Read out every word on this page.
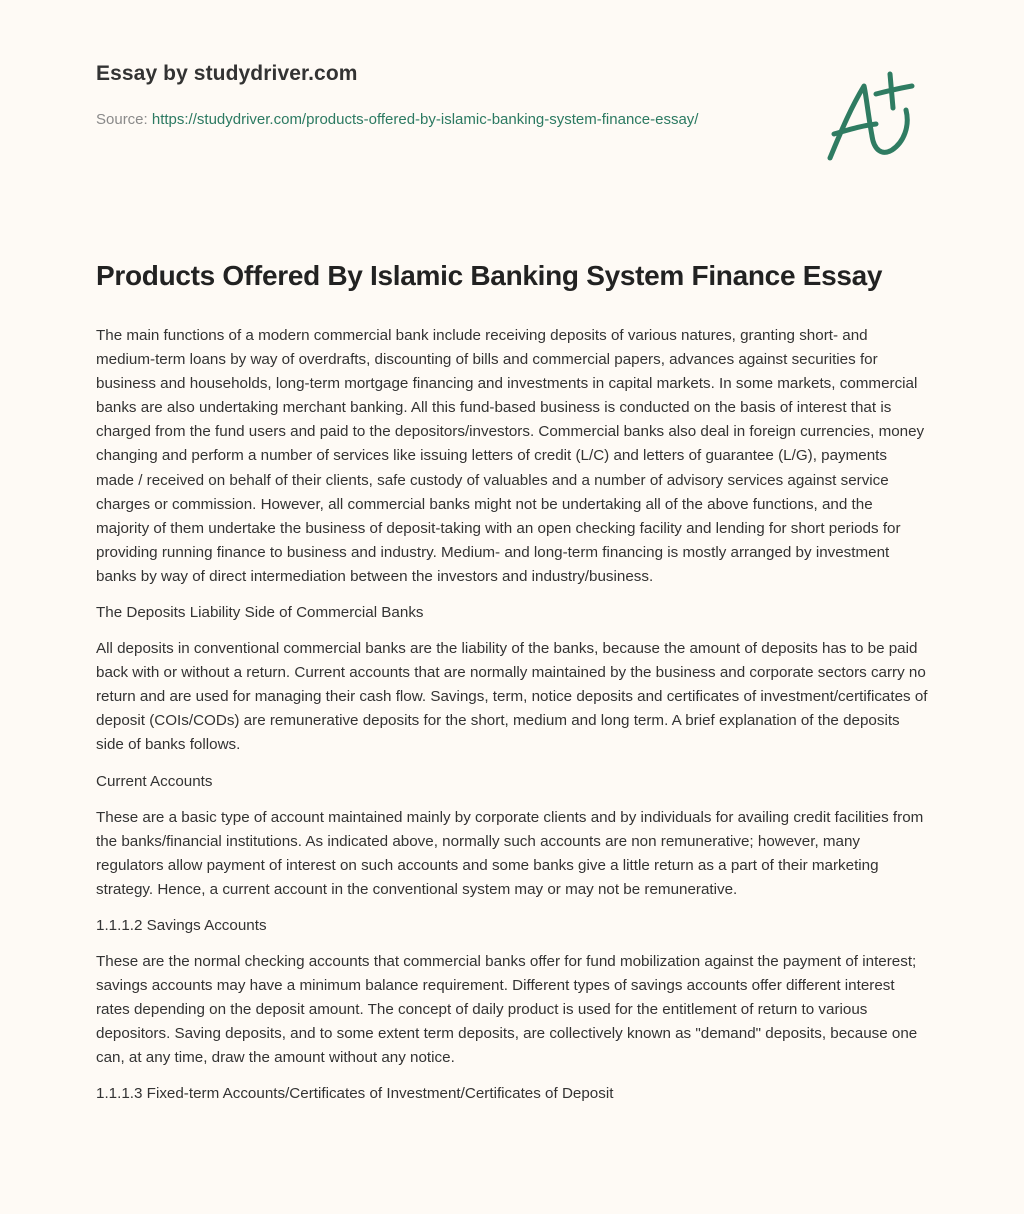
Essay by studydriver.com
Source: https://studydriver.com/products-offered-by-islamic-banking-system-finance-essay/
Products Offered By Islamic Banking System Finance Essay

The main functions of a modern commercial bank include receiving deposits of various natures, granting short- and medium-term loans by way of overdrafts, discounting of bills and commercial papers, advances against securities for business and households, long-term mortgage financing and investments in capital markets. In some markets, commercial banks are also undertaking merchant banking. All this fund-based business is conducted on the basis of interest that is charged from the fund users and paid to the depositors/investors. Commercial banks also deal in foreign currencies, money changing and perform a number of services like issuing letters of credit (L/C) and letters of guarantee (L/G), payments made / received on behalf of their clients, safe custody of valuables and a number of advisory services against service charges or commission. However, all commercial banks might not be undertaking all of the above functions, and the majority of them undertake the business of deposit-taking with an open checking facility and lending for short periods for providing running finance to business and industry. Medium- and long-term financing is mostly arranged by investment banks by way of direct intermediation between the investors and industry/business.

The Deposits Liability Side of Commercial Banks

All deposits in conventional commercial banks are the liability of the banks, because the amount of deposits has to be paid back with or without a return. Current accounts that are normally maintained by the business and corporate sectors carry no return and are used for managing their cash flow. Savings, term, notice deposits and certificates of investment/certificates of deposit (COIs/CODs) are remunerative deposits for the short, medium and long term. A brief explanation of the deposits side of banks follows.

Current Accounts

These are a basic type of account maintained mainly by corporate clients and by individuals for availing credit facilities from the banks/financial institutions. As indicated above, normally such accounts are non remunerative; however, many regulators allow payment of interest on such accounts and some banks give a little return as a part of their marketing strategy. Hence, a current account in the conventional system may or may not be remunerative.

1.1.1.2 Savings Accounts

These are the normal checking accounts that commercial banks offer for fund mobilization against the payment of interest; savings accounts may have a minimum balance requirement. Different types of savings accounts offer different interest rates depending on the deposit amount. The concept of daily product is used for the entitlement of return to various depositors. Saving deposits, and to some extent term deposits, are collectively known as "demand" deposits, because one can, at any time, draw the amount without any notice.

1.1.1.3 Fixed-term Accounts/Certificates of Investment/Certificates of Deposit
